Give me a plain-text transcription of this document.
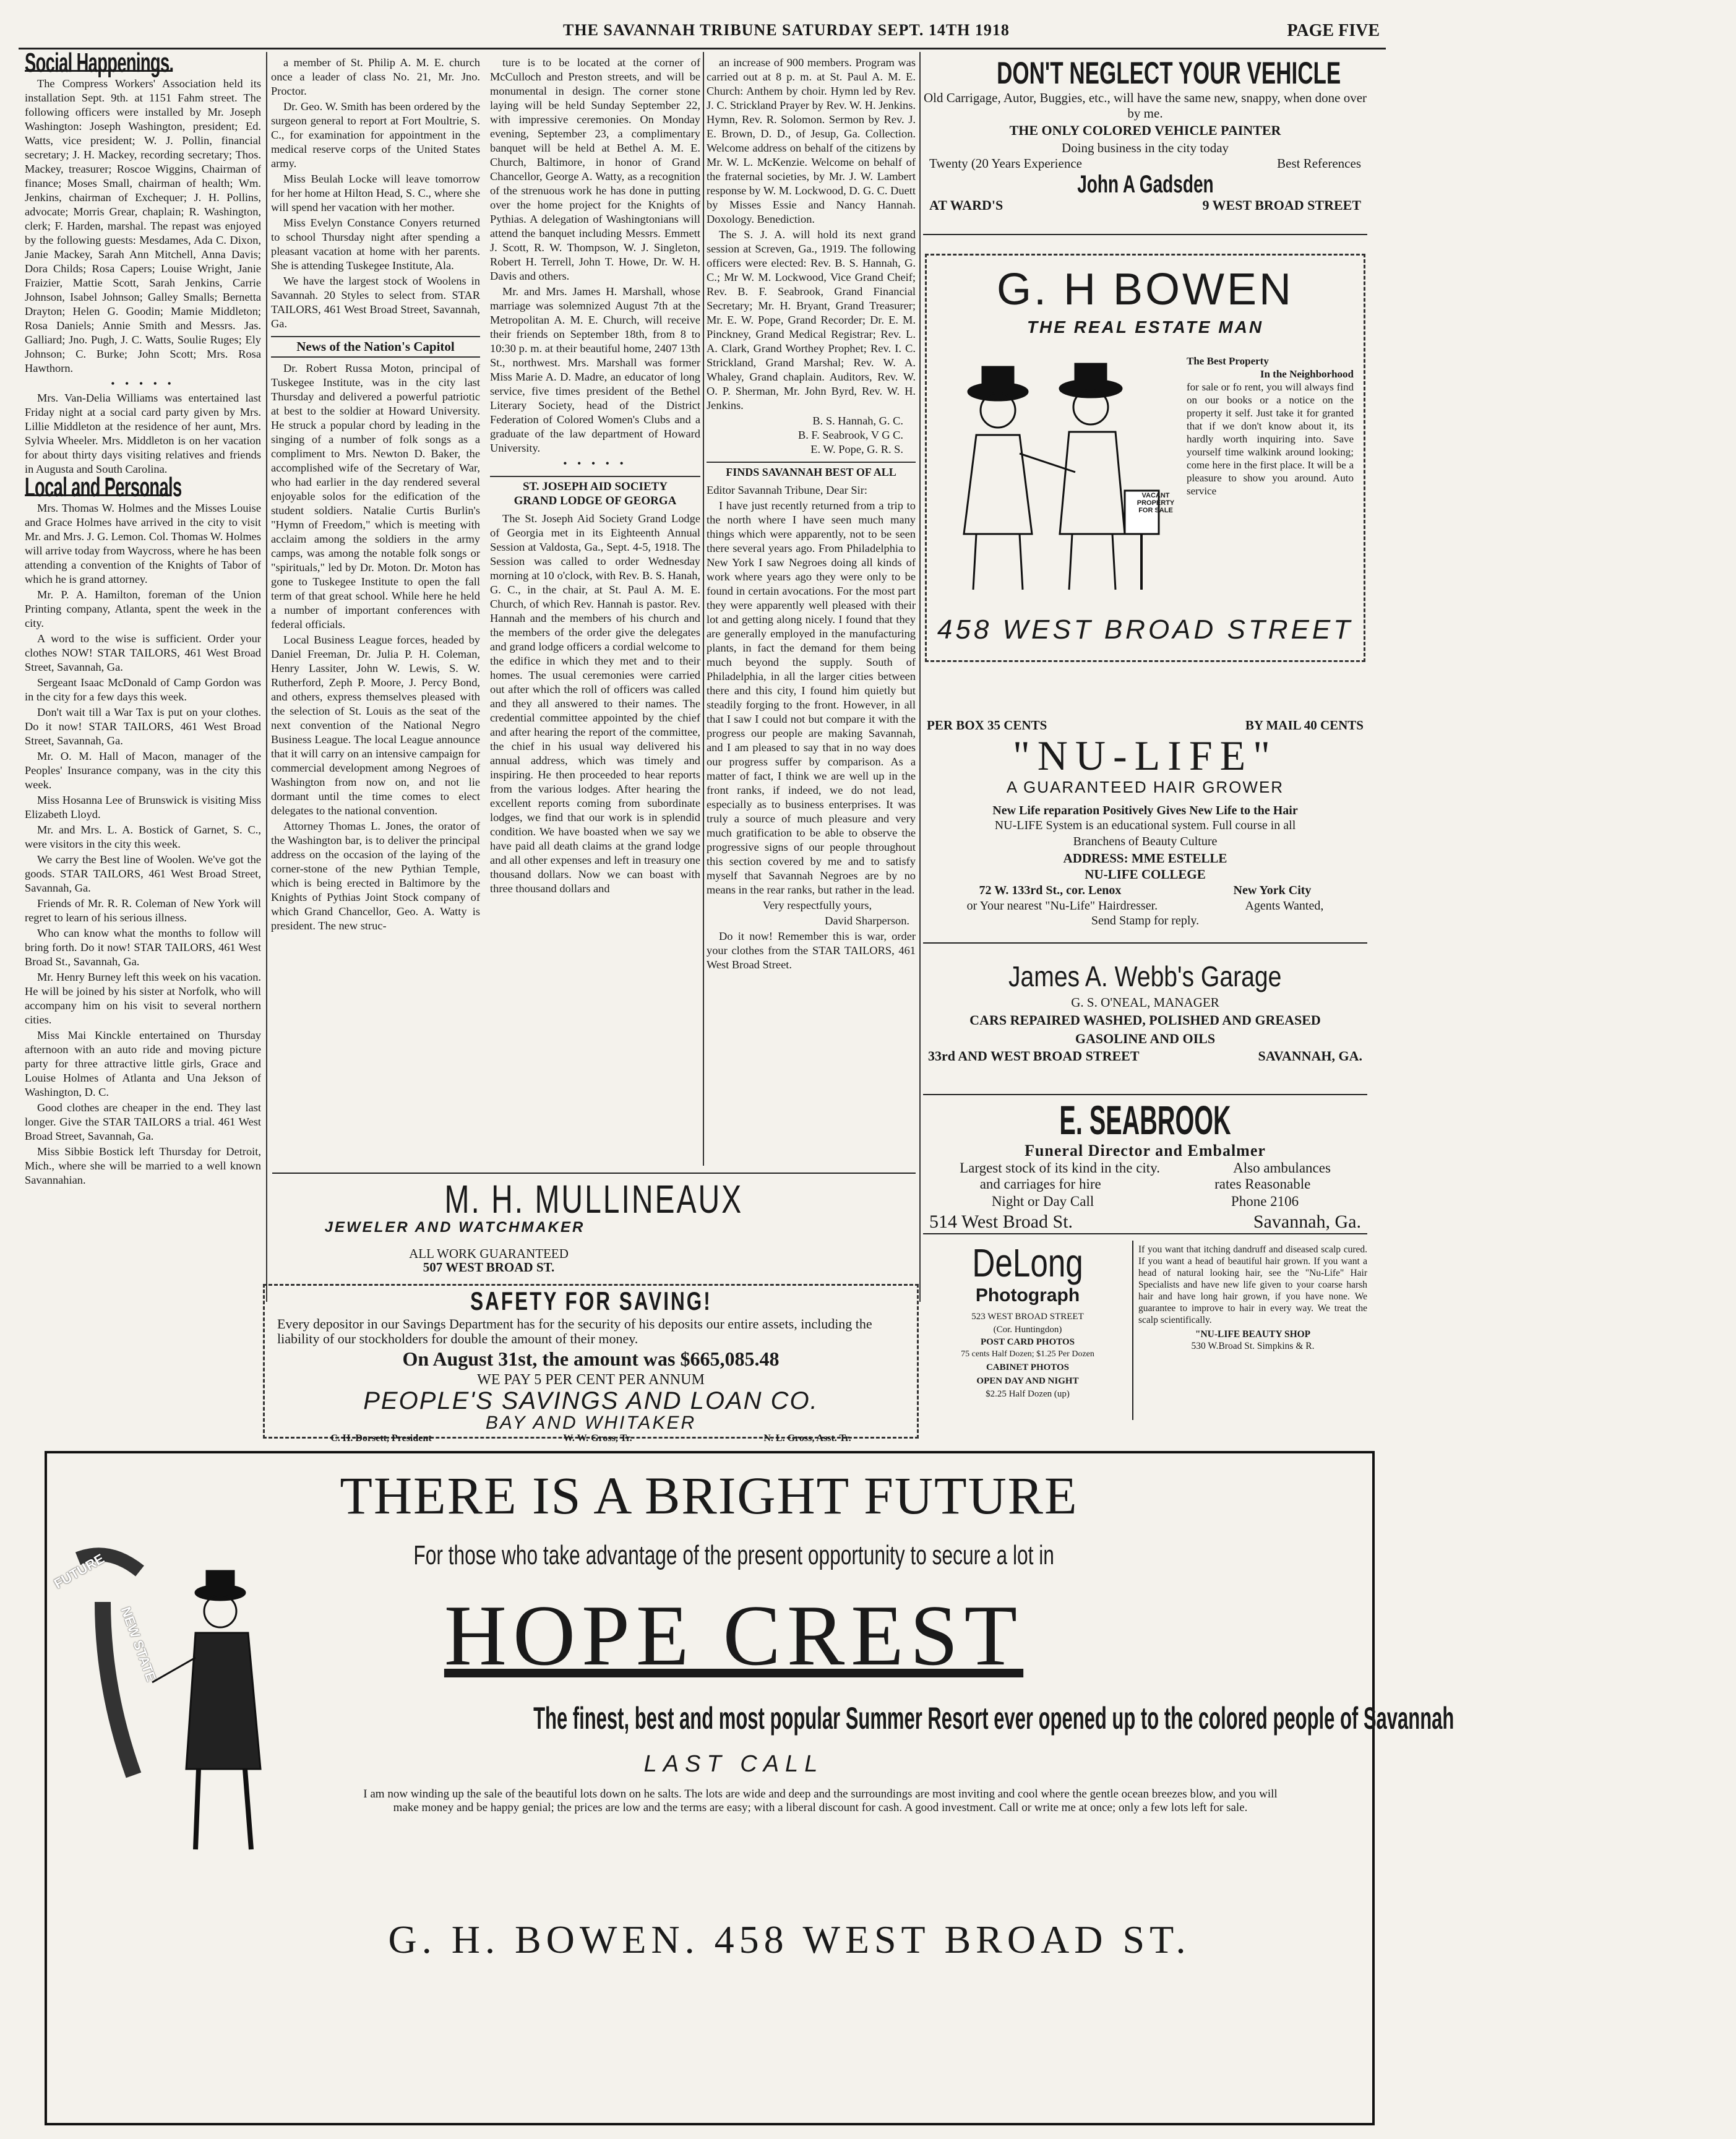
THE SAVANNAH TRIBUNE SATURDAY SEPT. 14TH 1918	PAGE FIVE
Social Happenings.

The Compress Workers' Association held its installation Sept. 9th. at 1151 Fahm street. The following officers were installed by Mr. Joseph Washington: Joseph Washington, president; Ed. Watts, vice president; W. J. Pollin, financial secretary; J. H. Mackey, recording secretary; Thos. Mackey, treasurer; Roscoe Wiggins, Chairman of finance; Moses Small, chairman of health; Wm. Jenkins, chairman of Exchequer; J. H. Pollins, advocate; Morris Grear, chaplain; R. Washington, clerk; F. Harden, marshal. The repast was enjoyed by the following guests: Mesdames, Ada C. Dixon, Janie Mackey, Sarah Ann Mitchell, Anna Davis; Dora Childs; Rosa Capers; Louise Wright, Janie Fraizier, Mattie Scott, Sarah Jenkins, Carrie Johnson, Isabel Johnson; Galley Smalls; Bernetta Drayton; Helen G. Goodin; Mamie Middleton; Rosa Daniels; Annie Smith and Messrs. Jas. Galliard; Jno. Pugh, J. C. Watts, Soulie Ruges; Ely Johnson; C. Burke; John Scott; Mrs. Rosa Hawthorn.

• • • • •

Mrs. Van-Delia Williams was entertained last Friday night at a social card party given by Mrs. Lillie Middleton at the residence of her aunt, Mrs. Sylvia Wheeler. Mrs. Middleton is on her vacation for about thirty days visiting relatives and friends in Augusta and South Carolina.

Local and Personals

Mrs. Thomas W. Holmes and the Misses Louise and Grace Holmes have arrived in the city to visit Mr. and Mrs. J. G. Lemon. Col. Thomas W. Holmes will arrive today from Waycross, where he has been attending a convention of the Knights of Tabor of which he is grand attorney.

Mr. P. A. Hamilton, foreman of the Union Printing company, Atlanta, spent the week in the city.

A word to the wise is sufficient. Order your clothes NOW! STAR TAILORS, 461 West Broad Street, Savannah, Ga.

Sergeant Isaac McDonald of Camp Gordon was in the city for a few days this week.

Don't wait till a War Tax is put on your clothes. Do it now! STAR TAILORS, 461 West Broad Street, Savannah, Ga.

Mr. O. M. Hall of Macon, manager of the Peoples' Insurance company, was in the city this week.

Miss Hosanna Lee of Brunswick is visiting Miss Elizabeth Lloyd.

Mr. and Mrs. L. A. Bostick of Garnet, S. C., were visitors in the city this week.

We carry the Best line of Woolen. We've got the goods. STAR TAILORS, 461 West Broad Street, Savannah, Ga.

Friends of Mr. R. R. Coleman of New York will regret to learn of his serious illness.

Who can know what the months to follow will bring forth. Do it now! STAR TAILORS, 461 West Broad St., Savannah, Ga.

Mr. Henry Burney left this week on his vacation. He will be joined by his sister at Norfolk, who will accompany him on his visit to several northern cities.

Miss Mai Kinckle entertained on Thursday afternoon with an auto ride and moving picture party for three attractive little girls, Grace and Louise Holmes of Atlanta and Una Jekson of Washington, D. C.

Good clothes are cheaper in the end. They last longer. Give the STAR TAILORS a trial. 461 West Broad Street, Savannah, Ga.

Miss Sibbie Bostick left Thursday for Detroit, Mich., where she will be married to a well known Savannahian.

a member of St. Philip A. M. E. church once a leader of class No. 21, Mr. Jno. Proctor.

Dr. Geo. W. Smith has been ordered by the surgeon general to report at Fort Moultrie, S. C., for examination for appointment in the medical reserve corps of the United States army.

Miss Beulah Locke will leave tomorrow for her home at Hilton Head, S. C., where she will spend her vacation with her mother.

Miss Evelyn Constance Conyers returned to school Thursday night after spending a pleasant vacation at home with her parents. She is attending Tuskegee Institute, Ala.

We have the largest stock of Woolens in Savannah. 20 Styles to select from. STAR TAILORS, 461 West Broad Street, Savannah, Ga.

News of the Nation's Capitol

Dr. Robert Russa Moton, principal of Tuskegee Institute, was in the city last Thursday and delivered a powerful patriotic at best to the soldier at Howard University. He struck a popular chord by leading in the singing of a number of folk songs as a compliment to Mrs. Newton D. Baker, the accomplished wife of the Secretary of War, who had earlier in the day rendered several enjoyable solos for the edification of the student soldiers. Natalie Curtis Burlin's "Hymn of Freedom," which is meeting with acclaim among the soldiers in the army camps, was among the notable folk songs or "spirituals," led by Dr. Moton. Dr. Moton has gone to Tuskegee Institute to open the fall term of that great school. While here he held a number of important conferences with federal officials.

Local Business League forces, headed by Daniel Freeman, Dr. Julia P. H. Coleman, Henry Lassiter, John W. Lewis, S. W. Rutherford, Zeph P. Moore, J. Percy Bond, and others, express themselves pleased with the selection of St. Louis as the seat of the next convention of the National Negro Business League. The local League announce that it will carry on an intensive campaign for commercial development among Negroes of Washington from now on, and not lie dormant until the time comes to elect delegates to the national convention.

Attorney Thomas L. Jones, the orator of the Washington bar, is to deliver the principal address on the occasion of the laying of the corner-stone of the new Pythian Temple, which is being erected in Baltimore by the Knights of Pythias Joint Stock company of which Grand Chancellor, Geo. A. Watty is president. The new struc-

ture is to be located at the corner of McCulloch and Preston streets, and will be monumental in design. The corner stone laying will be held Sunday September 22, with impressive ceremonies. On Monday evening, September 23, a complimentary banquet will be held at Bethel A. M. E. Church, Baltimore, in honor of Grand Chancellor, George A. Watty, as a recognition of the strenuous work he has done in putting over the home project for the Knights of Pythias. A delegation of Washingtonians will attend the banquet including Messrs. Emmett J. Scott, R. W. Thompson, W. J. Singleton, Robert H. Terrell, John T. Howe, Dr. W. H. Davis and others.

Mr. and Mrs. James H. Marshall, whose marriage was solemnized August 7th at the Metropolitan A. M. E. Church, will receive their friends on September 18th, from 8 to 10:30 p. m. at their beautiful home, 2407 13th St., northwest. Mrs. Marshall was former Miss Marie A. D. Madre, an educator of long service, five times president of the Bethel Literary Society, head of the District Federation of Colored Women's Clubs and a graduate of the law department of Howard University.

• • • • •
ST. JOSEPH AID SOCIETY
GRAND LODGE OF GEORGA

The St. Joseph Aid Society Grand Lodge of Georgia met in its Eighteenth Annual Session at Valdosta, Ga., Sept. 4-5, 1918. The Session was called to order Wednesday morning at 10 o'clock, with Rev. B. S. Hanah, G. C., in the chair, at St. Paul A. M. E. Church, of which Rev. Hannah is pastor. Rev. Hannah and the members of his church and the members of the order give the delegates and grand lodge officers a cordial welcome to the edifice in which they met and to their homes. The usual ceremonies were carried out after which the roll of officers was called and they all answered to their names. The credential committee appointed by the chief and after hearing the report of the committee, the chief in his usual way delivered his annual address, which was timely and inspiring. He then proceeded to hear reports from the various lodges. After hearing the excellent reports coming from subordinate lodges, we find that our work is in splendid condition. We have boasted when we say we have paid all death claims at the grand lodge and all other expenses and left in treasury one thousand dollars. Now we can boast with three thousand dollars and

an increase of 900 members. Program was carried out at 8 p. m. at St. Paul A. M. E. Church: Anthem by choir. Hymn led by Rev. J. C. Strickland Prayer by Rev. W. H. Jenkins. Hymn, Rev. R. Solomon. Sermon by Rev. J. E. Brown, D. D., of Jesup, Ga. Collection. Welcome address on behalf of the citizens by Mr. W. L. McKenzie. Welcome on behalf of the fraternal societies, by Mr. J. W. Lambert response by W. M. Lockwood, D. G. C. Duett by Misses Essie and Nancy Hannah. Doxology. Benediction.

The S. J. A. will hold its next grand session at Screven, Ga., 1919. The following officers were elected: Rev. B. S. Hannah, G. C.; Mr W. M. Lockwood, Vice Grand Cheif; Rev. B. F. Seabrook, Grand Financial Secretary; Mr. H. Bryant, Grand Treasurer; Mr. E. W. Pope, Grand Recorder; Dr. E. M. Pinckney, Grand Medical Registrar; Rev. L. A. Clark, Grand Worthey Prophet; Rev. I. C. Strickland, Grand Marshal; Rev. W. A. Whaley, Grand chaplain. Auditors, Rev. W. O. P. Sherman, Mr. John Byrd, Rev. W. H. Jenkins.

B. S. Hannah, G. C.
B. F. Seabrook, V G C.
E. W. Pope, G. R. S.
FINDS SAVANNAH BEST OF ALL

Editor Savannah Tribune, Dear Sir:

I have just recently returned from a trip to the north where I have seen much many things which were apparently, not to be seen there several years ago. From Philadelphia to New York I saw Negroes doing all kinds of work where years ago they were only to be found in certain avocations. For the most part they were apparently well pleased with their lot and getting along nicely. I found that they are generally employed in the manufacturing plants, in fact the demand for them being much beyond the supply. South of Philadelphia, in all the larger cities between there and this city, I found him quietly but steadily forging to the front. However, in all that I saw I could not but compare it with the progress our people are making Savannah, and I am pleased to say that in no way does our progress suffer by comparison. As a matter of fact, I think we are well up in the front ranks, if indeed, we do not lead, especially as to business enterprises. It was truly a source of much pleasure and very much gratification to be able to observe the progressive signs of our people throughout this section covered by me and to satisfy myself that Savannah Negroes are by no means in the rear ranks, but rather in the lead.

Very respectfully yours,

David Sharperson.

Do it now! Remember this is war, order your clothes from the STAR TAILORS, 461 West Broad Street.

DON'T NEGLECT YOUR VEHICLE
Old Carrigage, Autor, Buggies, etc., will have the same new, snappy, when done over by me.
THE ONLY COLORED VEHICLE PAINTER
Doing business in the city today
Twenty (20 Years Experience	Best References
John A Gadsden
AT WARD'S	9 WEST BROAD STREET
G. H BOWEN
THE REAL ESTATE MAN
VACANT PROPERTY FOR SALE
The Best Property
In the Neighborhood
for sale or fo rent, you will always find on our books or a notice on the property it self. Just take it for granted that if we don't know about it, its hardly worth inquiring into. Save yourself time walkink around looking; come here in the first place. It will be a pleasure to show you around. Auto service
458 WEST BROAD STREET
PER BOX 35 CENTS	BY MAIL 40 CENTS
"NU-LIFE"
A GUARANTEED HAIR GROWER
New Life reparation Positively Gives New Life to the Hair
NU-LIFE System is an educational system. Full course in all
Branchens of Beauty Culture
ADDRESS: MME ESTELLE
NU-LIFE COLLEGE
72 W. 133rd St., cor. Lenox	New York City
or Your nearest "Nu-Life" Hairdresser.	Agents Wanted,
Send Stamp for reply.
James A. Webb's Garage
G. S. O'NEAL, MANAGER
CARS REPAIRED WASHED, POLISHED AND GREASED
GASOLINE AND OILS
33rd AND WEST BROAD STREET	SAVANNAH, GA.
E. SEABROOK
Funeral Director and Embalmer
Largest stock of its kind in the city.	Also ambulances
and carriages for hire	rates Reasonable
Night or Day Call	Phone 2106
514 West Broad St.	Savannah, Ga.
DeLong
Photograph
523 WEST BROAD STREET
(Cor. Huntingdon)
POST CARD PHOTOS
75 cents Half Dozen; $1.25 Per Dozen
CABINET PHOTOS
OPEN DAY AND NIGHT
$2.25 Half Dozen (up)
If you want that itching dandruff and diseased scalp cured. If you want a head of beautiful hair grown. If you want a head of natural looking hair, see the "Nu-Life" Hair Specialists and have new life given to your coarse harsh hair and have long hair grown, if you have none. We guarantee to improve to hair in every way. We treat the scalp scientifically.
"NU-LIFE BEAUTY SHOP
530 W.Broad St. Simpkins & R.
M. H. MULLINEAUX
JEWELER AND WATCHMAKER
ALL WORK GUARANTEED
507 WEST BROAD ST.
SAFETY FOR SAVING!
Every depositor in our Savings Department has for the security of his deposits our entire assets, including the liability of our stockholders for double the amount of their money.
On August 31st, the amount was $665,085.48
WE PAY 5 PER CENT PER ANNUM
PEOPLE'S SAVINGS AND LOAN CO.
BAY AND WHITAKER
C. H. Dorsett, President	W. W. Gross, Tr.	N. L. Gross, Asst. Tr.
FUTURE
NEW STATE
THERE IS A BRIGHT FUTURE
For those who take advantage of the present opportunity to secure a lot in
HOPE CREST
The finest, best and most popular Summer Resort ever opened up to the colored people of Savannah
LAST CALL
I am now winding up the sale of the beautiful lots down on he salts. The lots are wide and deep and the surroundings are most inviting and cool where the gentle ocean breezes blow, and you will make money and be happy genial; the prices are low and the terms are easy; with a liberal discount for cash. A good investment. Call or write me at once; only a few lots left for sale.
G. H. BOWEN. 458 WEST BROAD ST.
